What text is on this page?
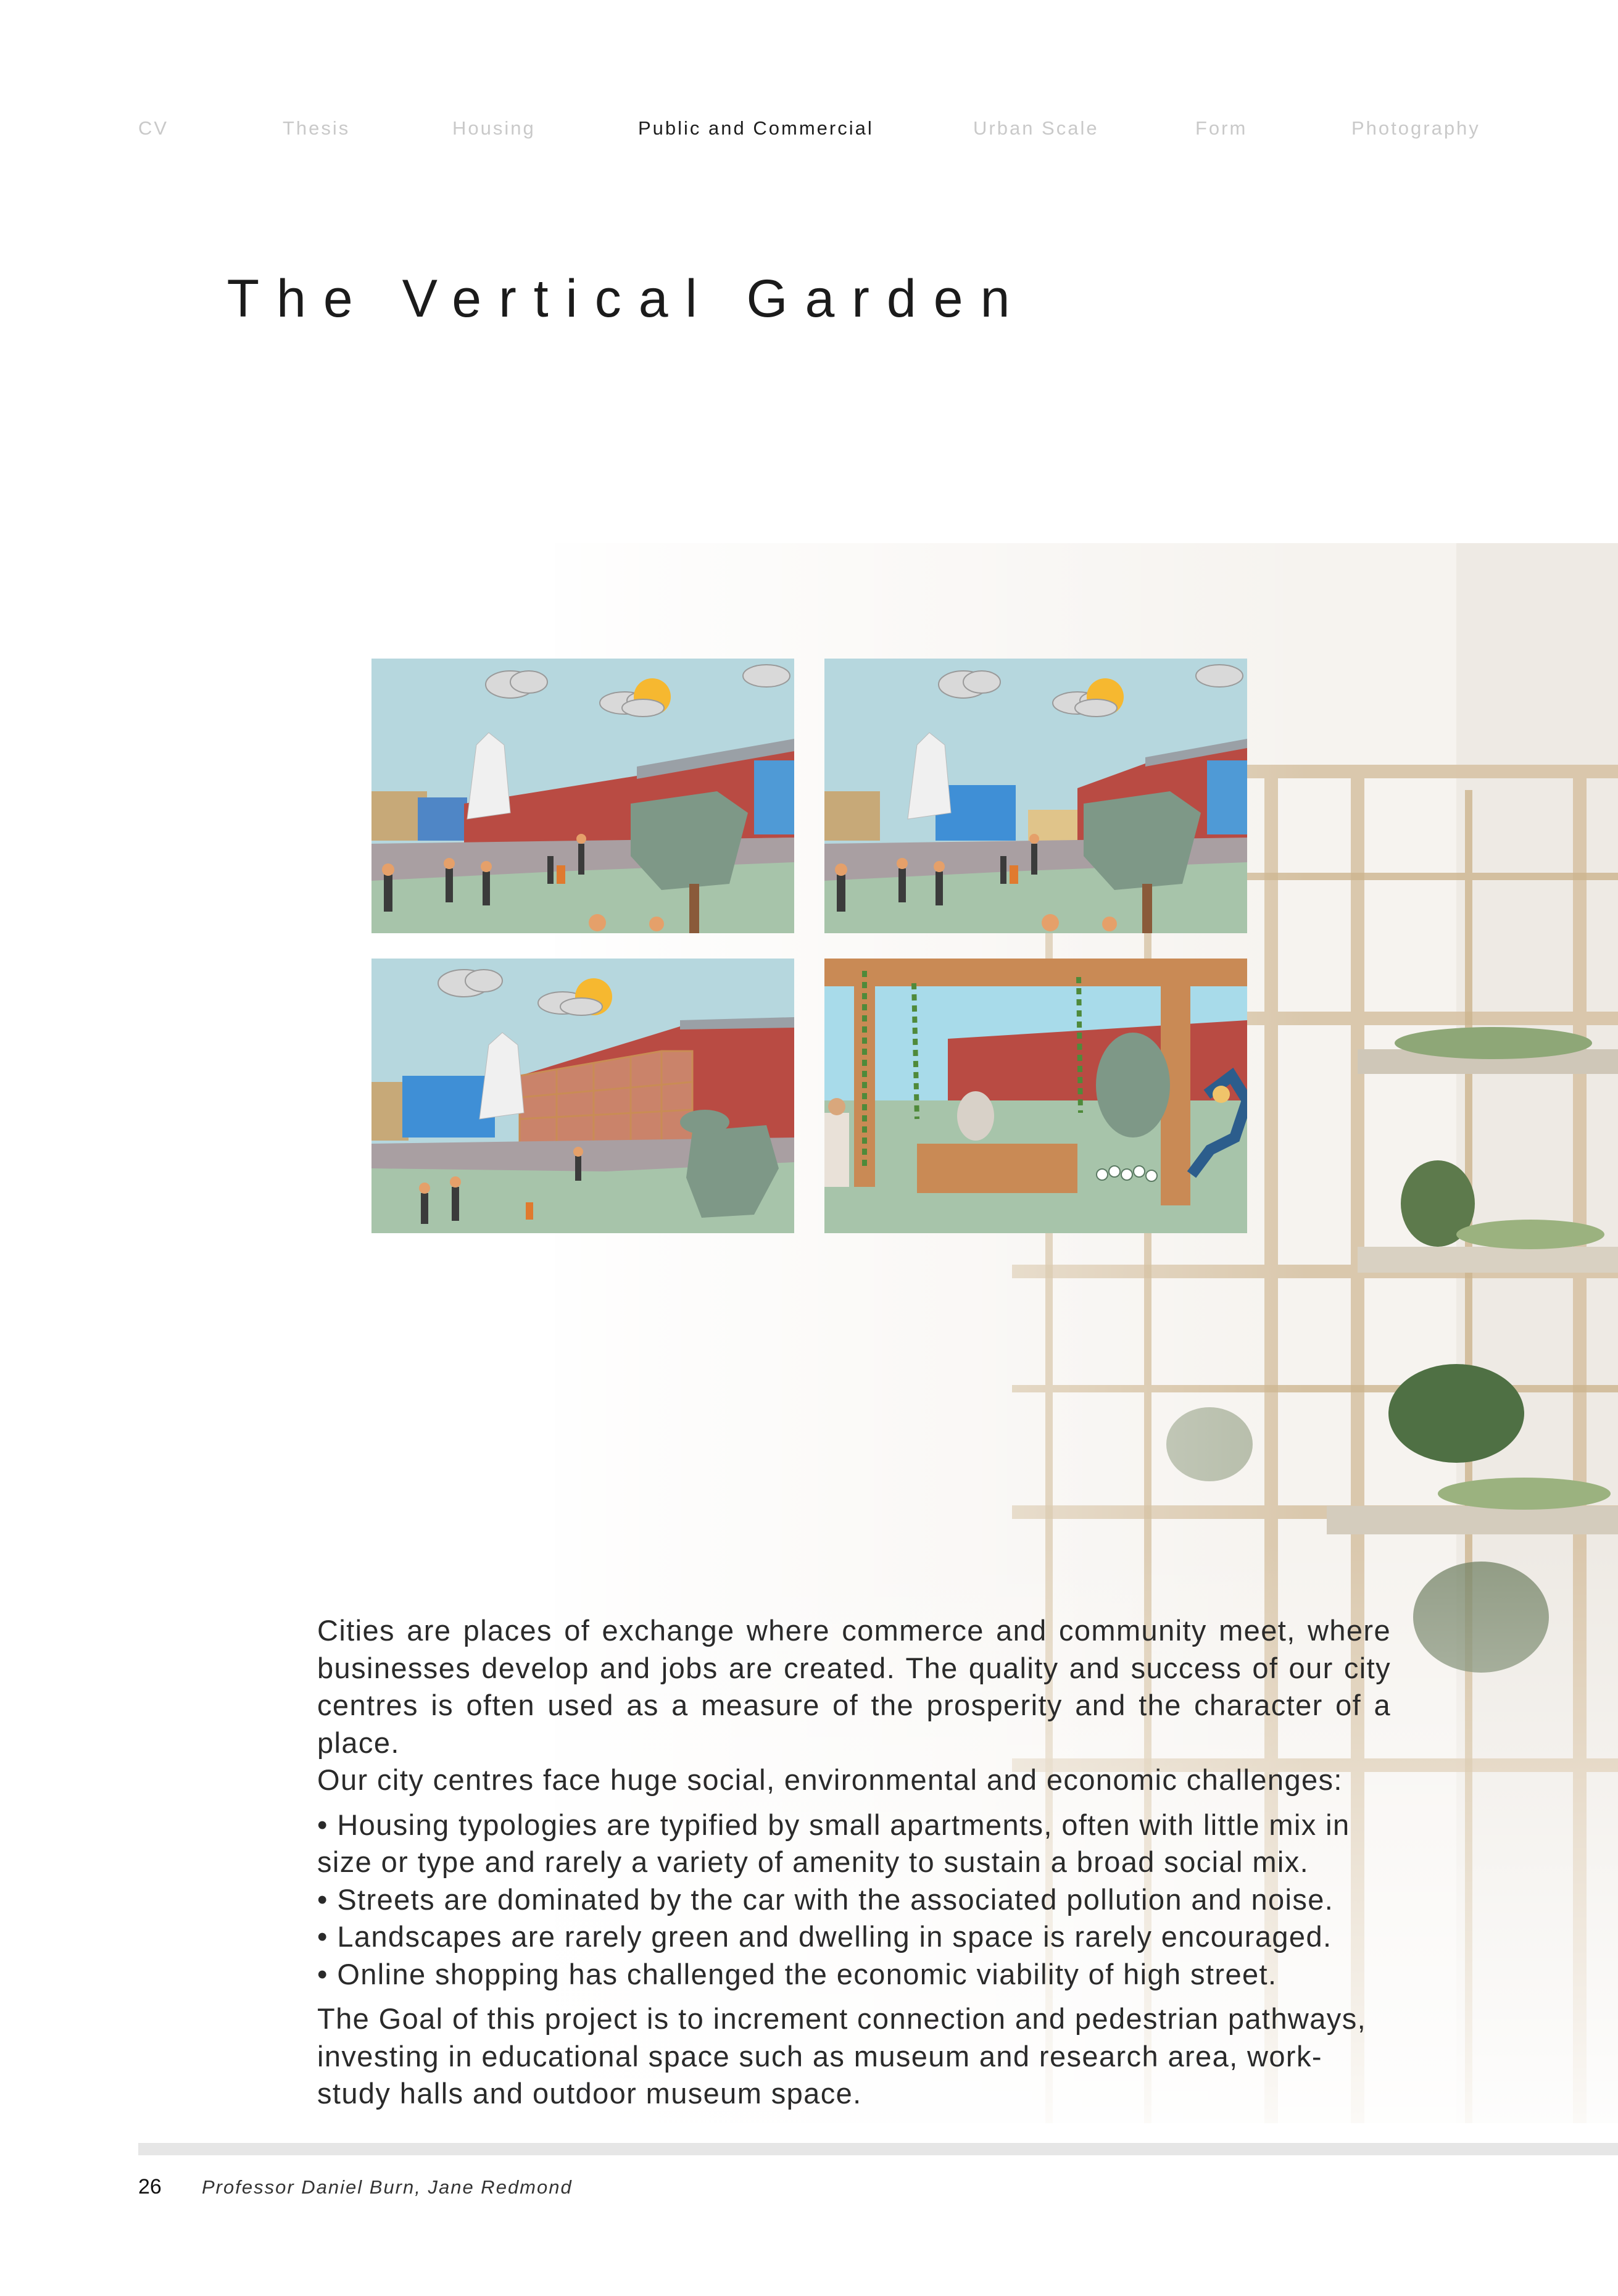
CV	Thesis	Housing	Public and Commercial	Urban Scale	Form	Photography
The Vertical Garden

Cities are places of exchange where commerce and community meet, where businesses develop and jobs are created. The quality and success of our city centres is often used as a measure of the prosperity and the character of a place.

Our city centres face huge social, environmental and economic challenges:

• Housing typologies are typified by small apartments, often with little mix in size or type and rarely a variety of amenity to sustain a broad social mix.

• Streets are dominated by the car with the associated pollution and noise.

• Landscapes are rarely green and dwelling in space is rarely encouraged.

• Online shopping has challenged the economic viability of high street.

The Goal of this project is to increment connection and pedestrian pathways, investing in educational space such as museum and research area, work-study halls and outdoor museum space.

26 Professor Daniel Burn, Jane Redmond
